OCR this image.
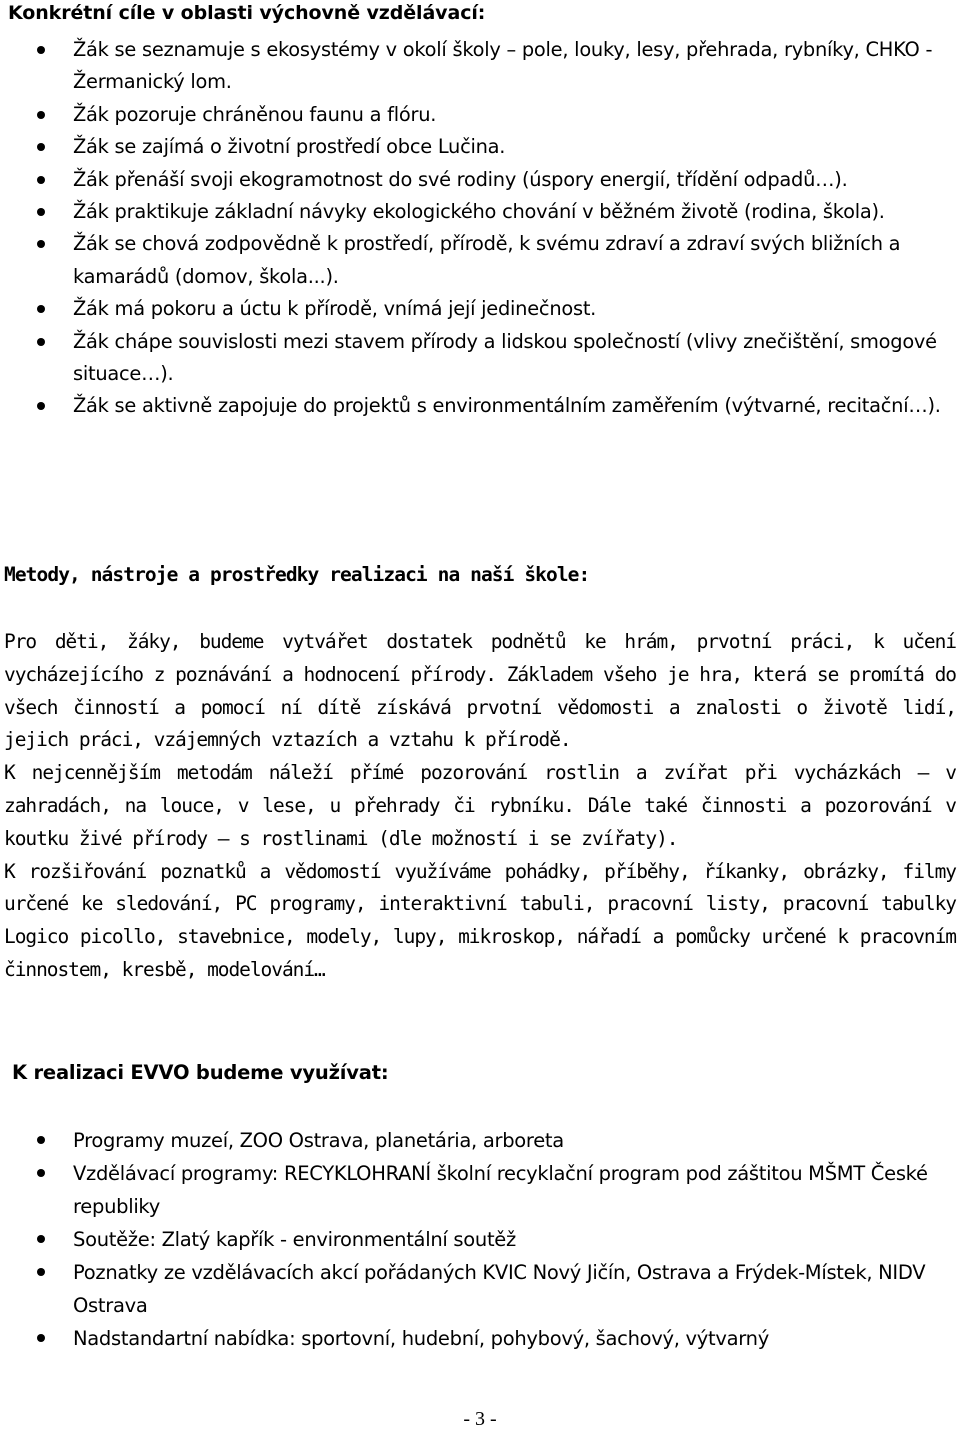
Konkrétní cíle v oblasti výchovně vzdělávací:
Žák se seznamuje s ekosystémy v okolí školy – pole, louky, lesy, přehrada, rybníky, CHKO - Žermanický lom.
Žák pozoruje chráněnou faunu a flóru.
Žák se zajímá o životní prostředí obce Lučina.
Žák přenáší svoji ekogramotnost do své rodiny (úspory energií, třídění odpadů…).
Žák praktikuje základní návyky ekologického chování v běžném životě (rodina, škola).
Žák se chová zodpovědně k prostředí, přírodě, k svému zdraví a zdraví svých bližních a kamarádů (domov, škola...).
Žák má pokoru a úctu k přírodě, vnímá její jedinečnost.
Žák chápe souvislosti mezi stavem přírody a lidskou společností (vlivy znečištění, smogové situace…).
Žák se aktivně zapojuje do projektů s environmentálním zaměřením (výtvarné, recitační…).
Metody, nástroje a prostředky realizaci na naší škole:

Pro děti, žáky, budeme vytvářet dostatek podnětů ke hrám, prvotní práci, k učení vycházejícího z poznávání a hodnocení přírody. Základem všeho je hra, která se promítá do všech činností a pomocí ní dítě získává prvotní vědomosti a znalosti o životě lidí, jejich práci, vzájemných vztazích a vztahu k přírodě.

K nejcennějším metodám náleží přímé pozorování rostlin a zvířat při vycházkách – v zahradách, na louce, v lese, u přehrady či rybníku. Dále také činnosti a pozorování v koutku živé přírody – s rostlinami (dle možností i se zvířaty).

K rozšiřování poznatků a vědomostí využíváme pohádky, příběhy, říkanky, obrázky, filmy určené ke sledování, PC programy, interaktivní tabuli, pracovní listy, pracovní tabulky Logico picollo, stavebnice, modely, lupy, mikroskop, nářadí a pomůcky určené k pracovním činnostem, kresbě, modelování…

K realizaci EVVO budeme využívat:
Programy muzeí, ZOO Ostrava, planetária, arboreta
Vzdělávací programy: RECYKLOHRANÍ školní recyklační program pod záštitou MŠMT České republiky
Soutěže: Zlatý kapřík - environmentální soutěž
Poznatky ze vzdělávacích akcí pořádaných KVIC Nový Jičín, Ostrava a Frýdek-Místek, NIDV Ostrava
Nadstandartní nabídka: sportovní, hudební, pohybový, šachový, výtvarný
- 3 -
